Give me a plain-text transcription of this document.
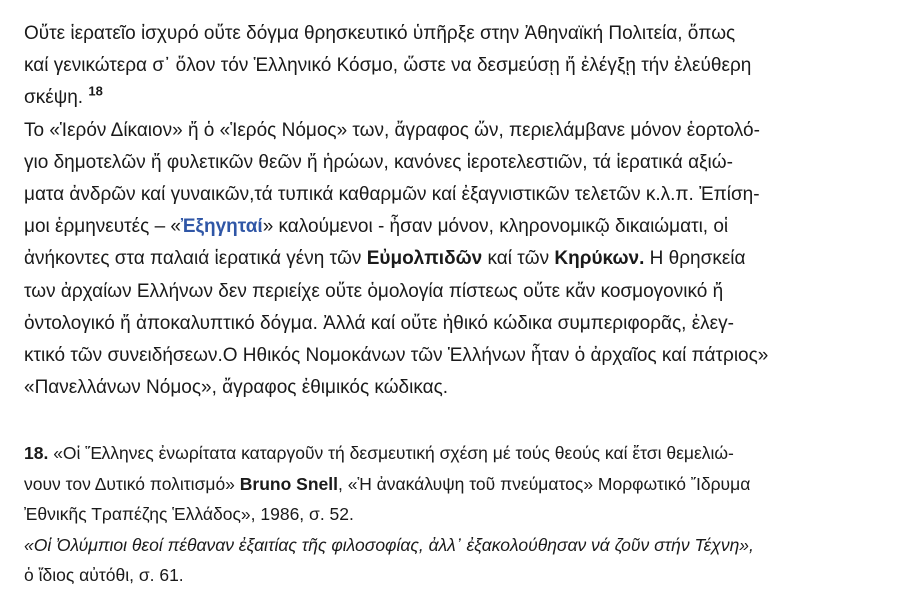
Οὔτε ἱερατεῖο ἰσχυρό οὔτε δόγμα θρησκευτικό ὑπῆρξε στην Ἀθηναϊκή Πολιτεία, ὅπως
καί γενικώτερα σ᾽ ὅλον τόν Ἑλληνικό Κόσμο, ὥστε να δεσμεύσῃ ἤ ἐλέγξῃ τήν ἐλεύθερη
σκέψη. $^{18}$
Το «Ἱερόν Δίκαιον» ἤ ὁ «Ἱερός Νόμος» των, ἄγραφος ὤν, περιελάμβανε μόνον ἑορτολό-
γιο δημοτελῶν ἤ φυλετικῶν θεῶν ἤ ἡρώων, κανόνες ἱεροτελεστιῶν, τά ἱερατικά αξιώ-
ματα ἀνδρῶν καί γυναικῶν,τά τυπικά καθαρμῶν καί ἐξαγνιστικῶν τελετῶν κ.λ.π. Ἐπίση-
μοι ἑρμηνευτές – «Ἐξηγηταί» καλούμενοι - ἦσαν μόνον, κληρονομικῷ δικαιώματι, οἱ
ἀνήκοντες στα παλαιά ἱερατικά γένη τῶν Εὐμολπιδῶν καί τῶν Κηρύκων. Η θρησκεία
των ἀρχαίων Ελλήνων δεν περιείχε οὔτε ὁμολογία πίστεως οὔτε κἄν κοσμογονικό ἤ
ὀντολογικό ἤ ἀποκαλυπτικό δόγμα. Ἀλλά καί οὔτε ἠθικό κώδικα συμπεριφορᾶς, ἐλεγ-
κτικό τῶν συνειδήσεων.Ο Ηθικός Νομοκάνων τῶν Ἑλλήνων ἦταν ὁ ἀρχαῖος καί πάτριος»
«Πανελλάνων Νόμος», ἄγραφος ἐθιμικός κώδικας.

18. «Οἱ Ἕλληνες ἐνωρίτατα καταργοῦν τή δεσμευτική σχέση μέ τούς θεούς καί ἔτσι θεμελιώ-
νουν τον Δυτικό πολιτισμό» Bruno Snell, «Ἡ ἀνακάλυψη τοῦ πνεύματος» Μορφωτικό Ἴδρυμα
Ἐθνικῆς Τραπέζης Ἑλλάδος», 1986, σ. 52.
«Οἱ Ὀλύμπιοι θεοί πέθαναν ἐξαιτίας τῆς φιλοσοφίας, ἀλλ᾽ ἐξακολούθησαν νά ζοῦν στήν Τέχνη»,
ὁ ἴδιος αὐτόθι, σ. 61.
